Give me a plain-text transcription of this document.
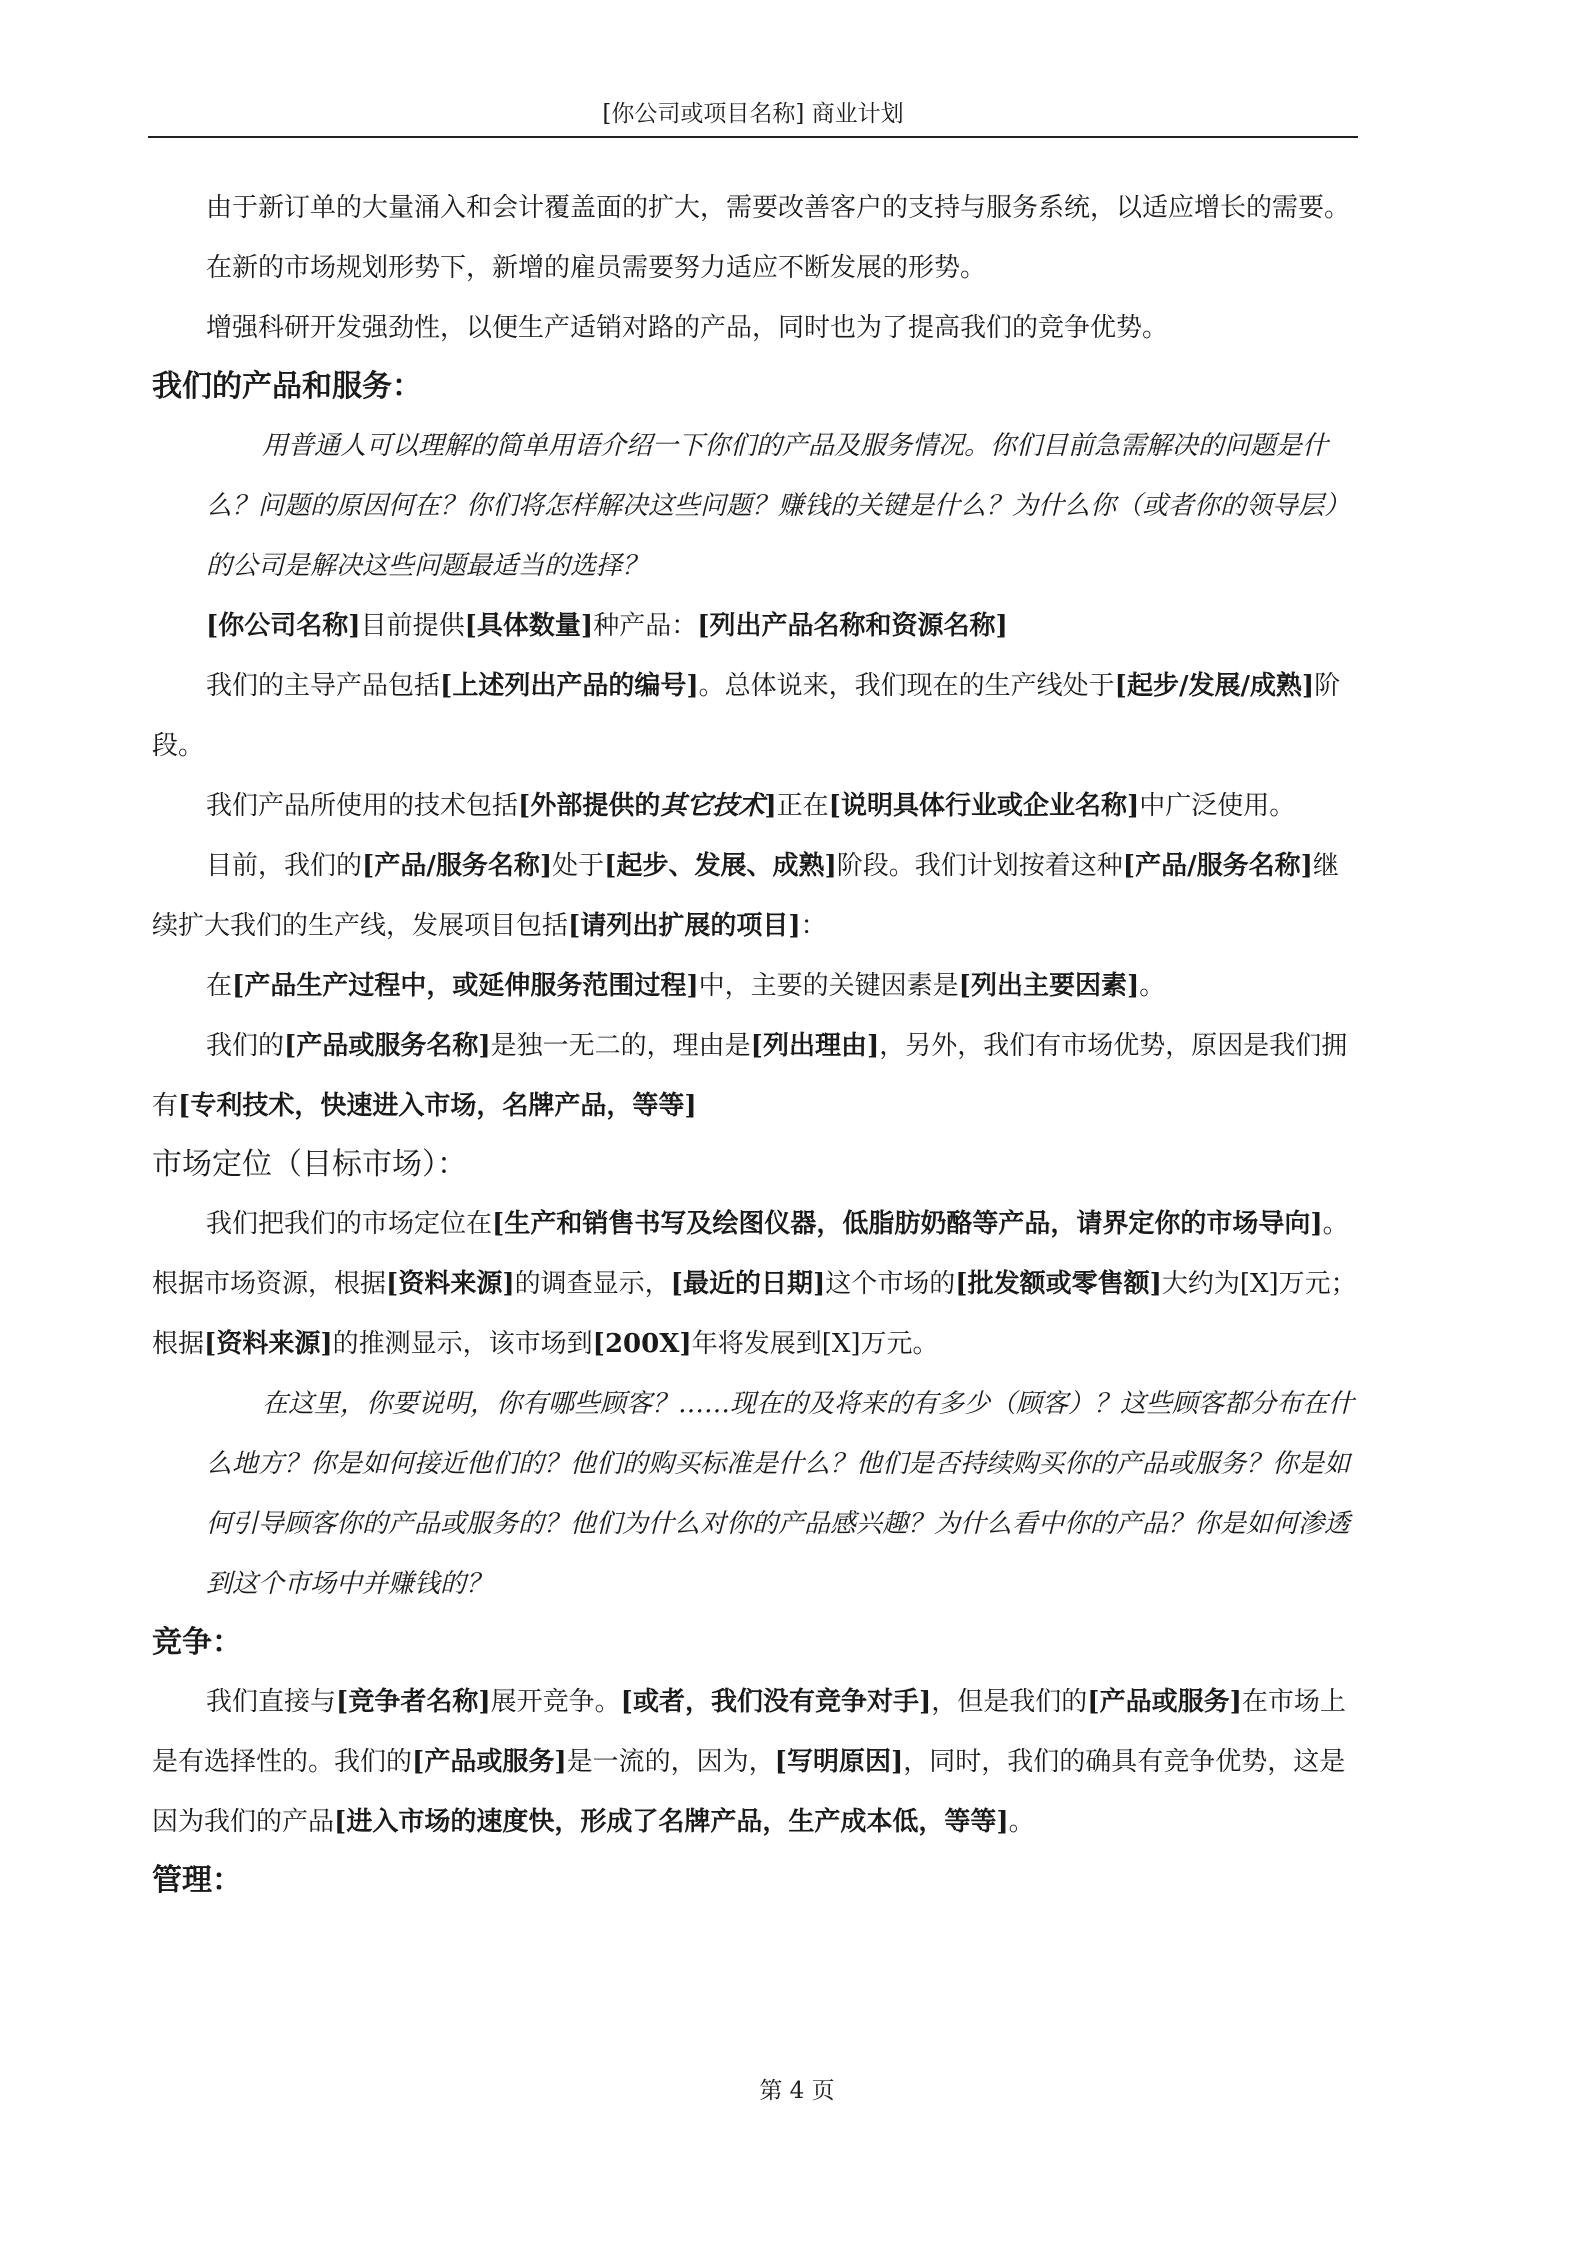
[你公司或项目名称] 商业计划

由于新订单的大量涌入和会计覆盖面的扩大，需要改善客户的支持与服务系统，以适应增长的需要。

在新的市场规划形势下，新增的雇员需要努力适应不断发展的形势。

增强科研开发强劲性，以便生产适销对路的产品，同时也为了提高我们的竞争优势。

我们的产品和服务：

用普通人可以理解的简单用语介绍一下你们的产品及服务情况。你们目前急需解决的问题是什么？问题的原因何在？你们将怎样解决这些问题？赚钱的关键是什么？为什么你（或者你的领导层）的公司是解决这些问题最适当的选择？

[你公司名称]目前提供[具体数量]种产品：[列出产品名称和资源名称]

我们的主导产品包括[上述列出产品的编号]。总体说来，我们现在的生产线处于[起步/发展/成熟]阶段。

我们产品所使用的技术包括[外部提供的其它技术]正在[说明具体行业或企业名称]中广泛使用。

目前，我们的[产品/服务名称]处于[起步、发展、成熟]阶段。我们计划按着这种[产品/服务名称]继续扩大我们的生产线，发展项目包括[请列出扩展的项目]：

在[产品生产过程中，或延伸服务范围过程]中，主要的关键因素是[列出主要因素]。

我们的[产品或服务名称]是独一无二的，理由是[列出理由]，另外，我们有市场优势，原因是我们拥有[专利技术，快速进入市场，名牌产品，等等]

市场定位（目标市场）：

我们把我们的市场定位在[生产和销售书写及绘图仪器，低脂肪奶酪等产品，请界定你的市场导向]。根据市场资源，根据[资料来源]的调查显示，[最近的日期]这个市场的[批发额或零售额]大约为[X]万元；根据[资料来源]的推测显示，该市场到[200X]年将发展到[X]万元。

在这里，你要说明，你有哪些顾客？……现在的及将来的有多少（顾客）？这些顾客都分布在什么地方？你是如何接近他们的？他们的购买标准是什么？他们是否持续购买你的产品或服务？你是如何引导顾客你的产品或服务的？他们为什么对你的产品感兴趣？为什么看中你的产品？你是如何渗透到这个市场中并赚钱的？

竞争：

我们直接与[竞争者名称]展开竞争。[或者，我们没有竞争对手]，但是我们的[产品或服务]在市场上是有选择性的。我们的[产品或服务]是一流的，因为，[写明原因]，同时，我们的确具有竞争优势，这是因为我们的产品[进入市场的速度快，形成了名牌产品，生产成本低，等等]。

管理：
第 4 页
